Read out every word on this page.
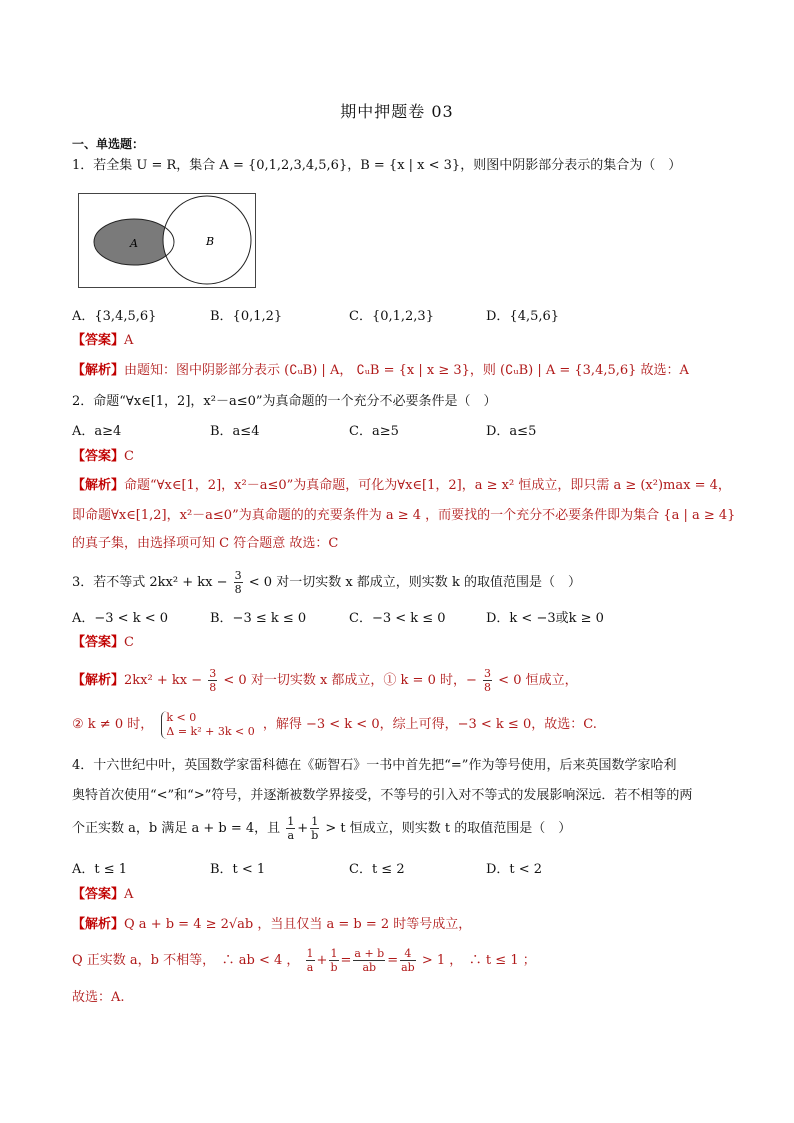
期中押题卷 03
一、单选题：
1．若全集 U = R，集合 A = {0,1,2,3,4,5,6}，B = {x | x < 3}，则图中阴影部分表示的集合为（　）
A	B
A．{3,4,5,6}	B．{0,1,2}	C．{0,1,2,3}	D．{4,5,6}
【答案】A
【解析】由题知：图中阴影部分表示 (∁ᵤB) | A， ∁ᵤB = {x | x ≥ 3}，则 (∁ᵤB) | A = {3,4,5,6} 故选：A
2．命题“∀x∈[1，2]，x²－a≤0”为真命题的一个充分不必要条件是（　）
A．a≥4	B．a≤4	C．a≥5	D．a≤5
【答案】C
【解析】命题“∀x∈[1，2]，x²－a≤0”为真命题，可化为∀x∈[1，2]，a ≥ x² 恒成立，即只需 a ≥ (x²)max = 4，
即命题∀x∈[1,2]，x²－a≤0”为真命题的的充要条件为 a ≥ 4 ，而要找的一个充分不必要条件即为集合 {a | a ≥ 4}
的真子集，由选择项可知 C 符合题意 故选：C
3．若不等式 2kx² + kx − $\frac{3}{8} < 0$ 对一切实数 x 都成立，则实数 k 的取值范围是（　）
A．−3 < k < 0	B．−3 ≤ k ≤ 0	C．−3 < k ≤ 0	D．k < −3或k ≥ 0
【答案】C
【解析】2kx² + kx − $\frac{3}{8} < 0$ 对一切实数 x 都成立，① k = 0 时，− $\frac{3}{8} < 0$ 恒成立，
② k ≠ 0 时， k < 0
Δ = k² + 3k < 0 ，解得 −3 < k < 0，综上可得，−3 < k ≤ 0，故选：C.
4．十六世纪中叶，英国数学家雷科德在《砺智石》一书中首先把“=”作为等号使用，后来英国数学家哈利
奥特首次使用“<”和“>”符号，并逐渐被数学界接受，不等号的引入对不等式的发展影响深远．若不相等的两
个正实数 a，b 满足 a + b = 4，且 $\frac{1}{a} + \frac{1}{b} > t$ 恒成立，则实数 t 的取值范围是（　）
A．t ≤ 1	B．t < 1	C．t ≤ 2	D．t < 2
【答案】A
【解析】Q a + b = 4 ≥ 2√ab ，当且仅当 a = b = 2 时等号成立，
Q 正实数 a，b 不相等，　∴ ab < 4 ， $\frac{1}{a} + \frac{1}{b} = \frac{a + b}{ab} = \frac{4}{ab} > 1$ ，　∴ t ≤ 1 ；
故选：A.
